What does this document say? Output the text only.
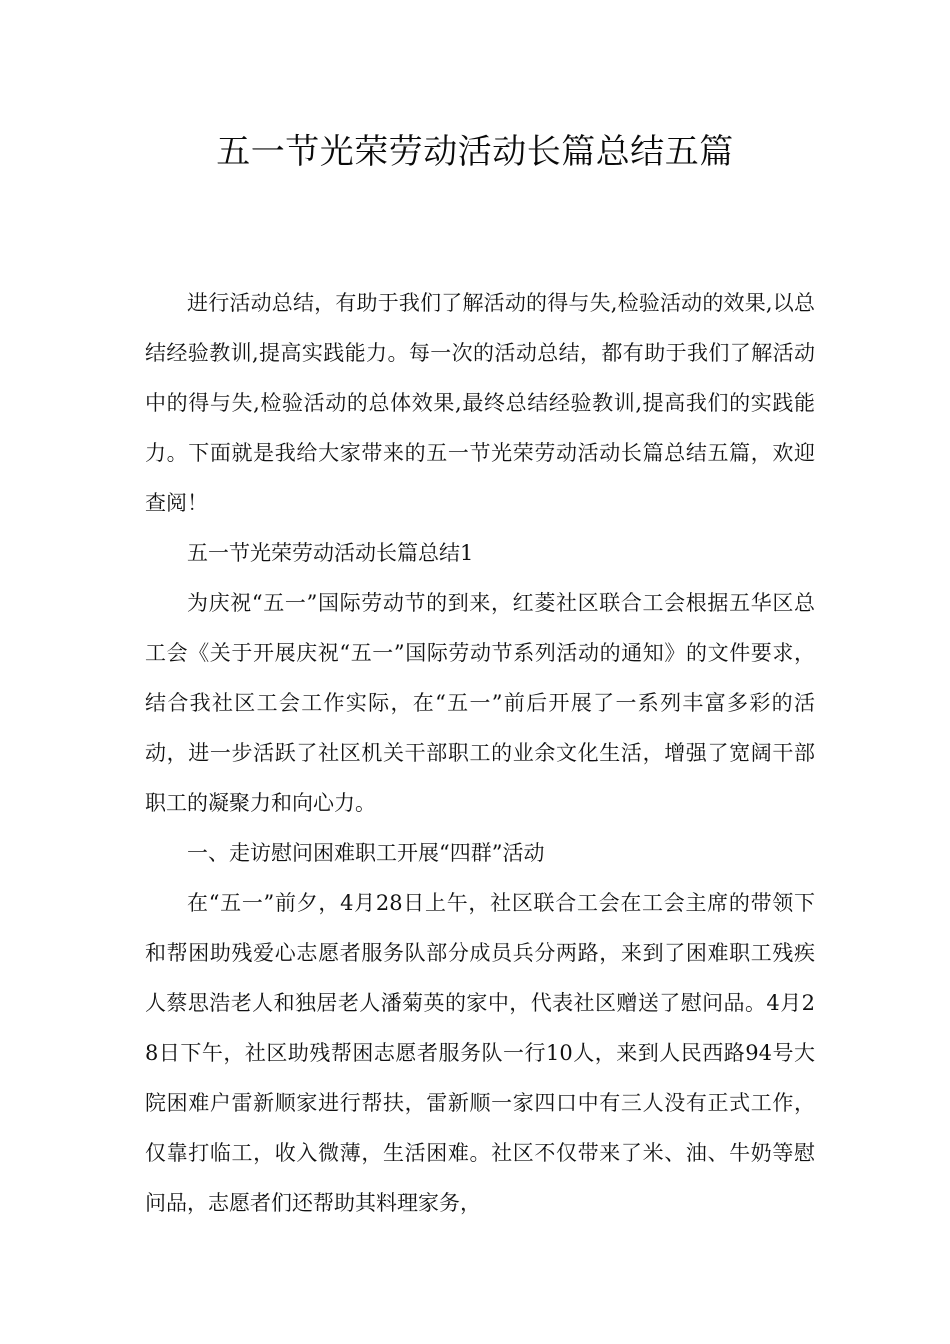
五一节光荣劳动活动长篇总结五篇

进行活动总结，有助于我们了解活动的得与失,检验活动的效果,以总结经验教训,提高实践能力。每一次的活动总结，都有助于我们了解活动中的得与失,检验活动的总体效果,最终总结经验教训,提高我们的实践能力。下面就是我给大家带来的五一节光荣劳动活动长篇总结五篇，欢迎查阅！

五一节光荣劳动活动长篇总结1

为庆祝“五一”国际劳动节的到来，红菱社区联合工会根据五华区总工会《关于开展庆祝“五一”国际劳动节系列活动的通知》的文件要求，结合我社区工会工作实际，在“五一”前后开展了一系列丰富多彩的活动，进一步活跃了社区机关干部职工的业余文化生活，增强了宽阔干部职工的凝聚力和向心力。

一、走访慰问困难职工开展“四群”活动

在“五一”前夕，4月28日上午，社区联合工会在工会主席的带领下和帮困助残爱心志愿者服务队部分成员兵分两路，来到了困难职工残疾人蔡思浩老人和独居老人潘菊英的家中，代表社区赠送了慰问品。4月28日下午，社区助残帮困志愿者服务队一行10人，来到人民西路94号大院困难户雷新顺家进行帮扶，雷新顺一家四口中有三人没有正式工作，仅靠打临工，收入微薄，生活困难。社区不仅带来了米、油、牛奶等慰问品，志愿者们还帮助其料理家务，
